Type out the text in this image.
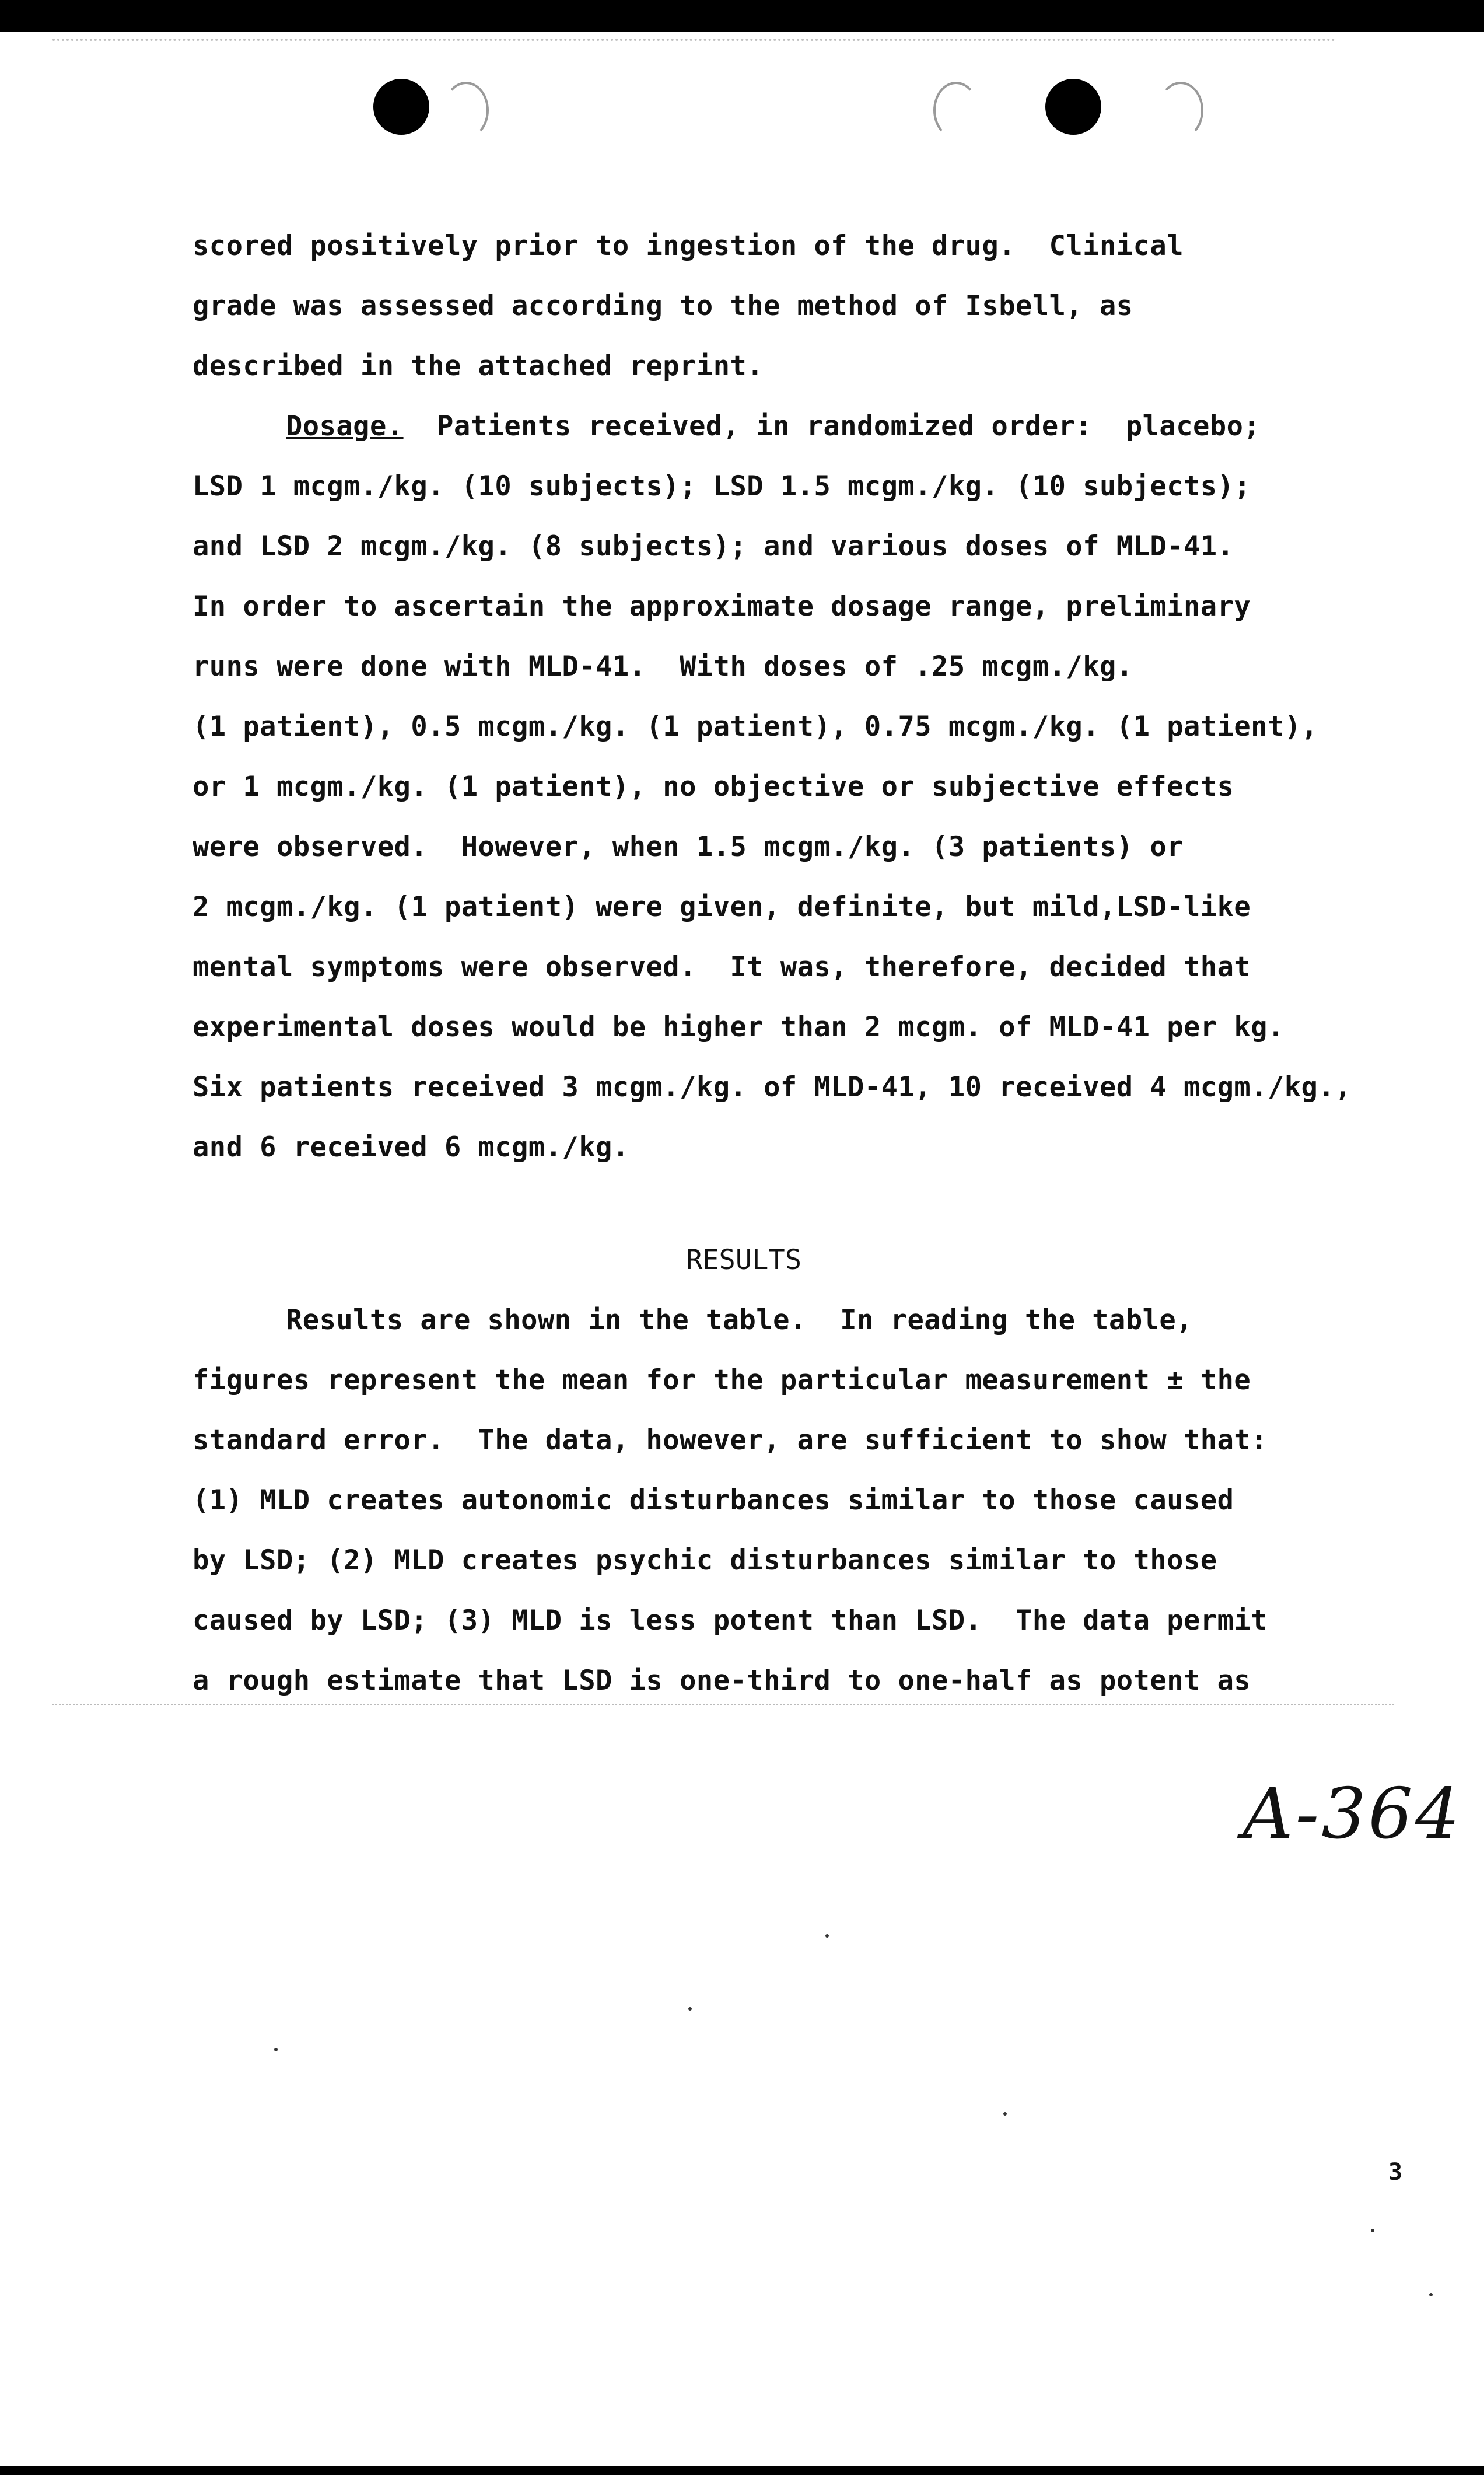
scored positively prior to ingestion of the drug.  Clinical
grade was assessed according to the method of Isbell, as
described in the attached reprint.
Dosage. Patients received, in randomized order:  placebo;
LSD 1 mcgm./kg. (10 subjects); LSD 1.5 mcgm./kg. (10 subjects);
and LSD 2 mcgm./kg. (8 subjects); and various doses of MLD-41.
In order to ascertain the approximate dosage range, preliminary
runs were done with MLD-41.  With doses of .25 mcgm./kg.
(1 patient), 0.5 mcgm./kg. (1 patient), 0.75 mcgm./kg. (1 patient),
or 1 mcgm./kg. (1 patient), no objective or subjective effects
were observed.  However, when 1.5 mcgm./kg. (3 patients) or
2 mcgm./kg. (1 patient) were given, definite, but mild,LSD-like
mental symptoms were observed.  It was, therefore, decided that
experimental doses would be higher than 2 mcgm. of MLD-41 per kg.
Six patients received 3 mcgm./kg. of MLD-41, 10 received 4 mcgm./kg.,
and 6 received 6 mcgm./kg.
RESULTS
Results are shown in the table.  In reading the table,
figures represent the mean for the particular measurement ± the
standard error.  The data, however, are sufficient to show that:
(1) MLD creates autonomic disturbances similar to those caused
by LSD; (2) MLD creates psychic disturbances similar to those
caused by LSD; (3) MLD is less potent than LSD.  The data permit
a rough estimate that LSD is one-third to one-half as potent as
A-364
3
